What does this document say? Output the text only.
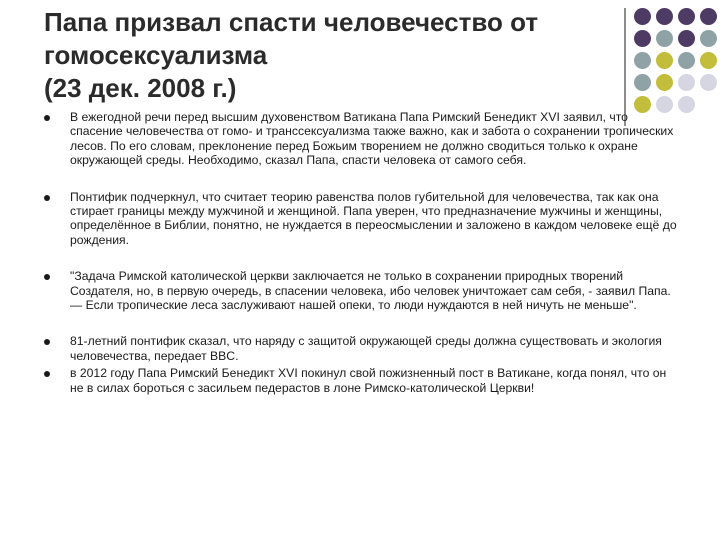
Папа призвал спасти человечество от
гомосексуализма
(23 дек. 2008 г.)
В ежегодной речи перед высшим духовенством Ватикана Папа Римский Бенедикт XVI заявил, что спасение человечества от гомо- и транссексуализма также важно, как и забота о сохранении тропических лесов. По его словам, преклонение перед Божьим творением не должно сводиться только к охране окружающей среды. Необходимо, сказал Папа, спасти человека от самого себя.
Понтифик подчеркнул, что считает теорию равенства полов губительной для человечества, так как она стирает границы между мужчиной и женщиной. Папа уверен, что предназначение мужчины и женщины, определённое в Библии, понятно, не нуждается в переосмыслении и заложено в каждом человеке ещё до рождения.
"Задача Римской католической церкви заключается не только в сохранении природных творений Создателя, но, в первую очередь, в спасении человека, ибо человек уничтожает сам себя, - заявил Папа. — Если тропические леса заслуживают нашей опеки, то люди нуждаются в ней ничуть не меньше".
81-летний понтифик сказал, что наряду с защитой окружающей среды должна существовать и экология человечества, передает BBC.
в 2012 году Папа Римский Бенедикт XVI покинул свой пожизненный пост в Ватикане, когда понял, что он не в силах бороться с засильем педерастов в лоне Римско-католической Церкви!
